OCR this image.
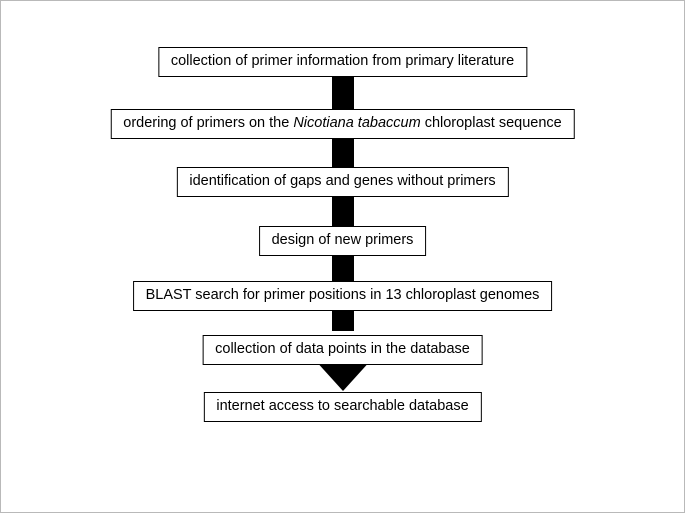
collection of primer information from primary literature
ordering of primers on the Nicotiana tabaccum chloroplast sequence
identification of gaps and genes without primers
design of new primers
BLAST search for primer positions in 13 chloroplast genomes
collection of data points in the database
internet access to searchable database
